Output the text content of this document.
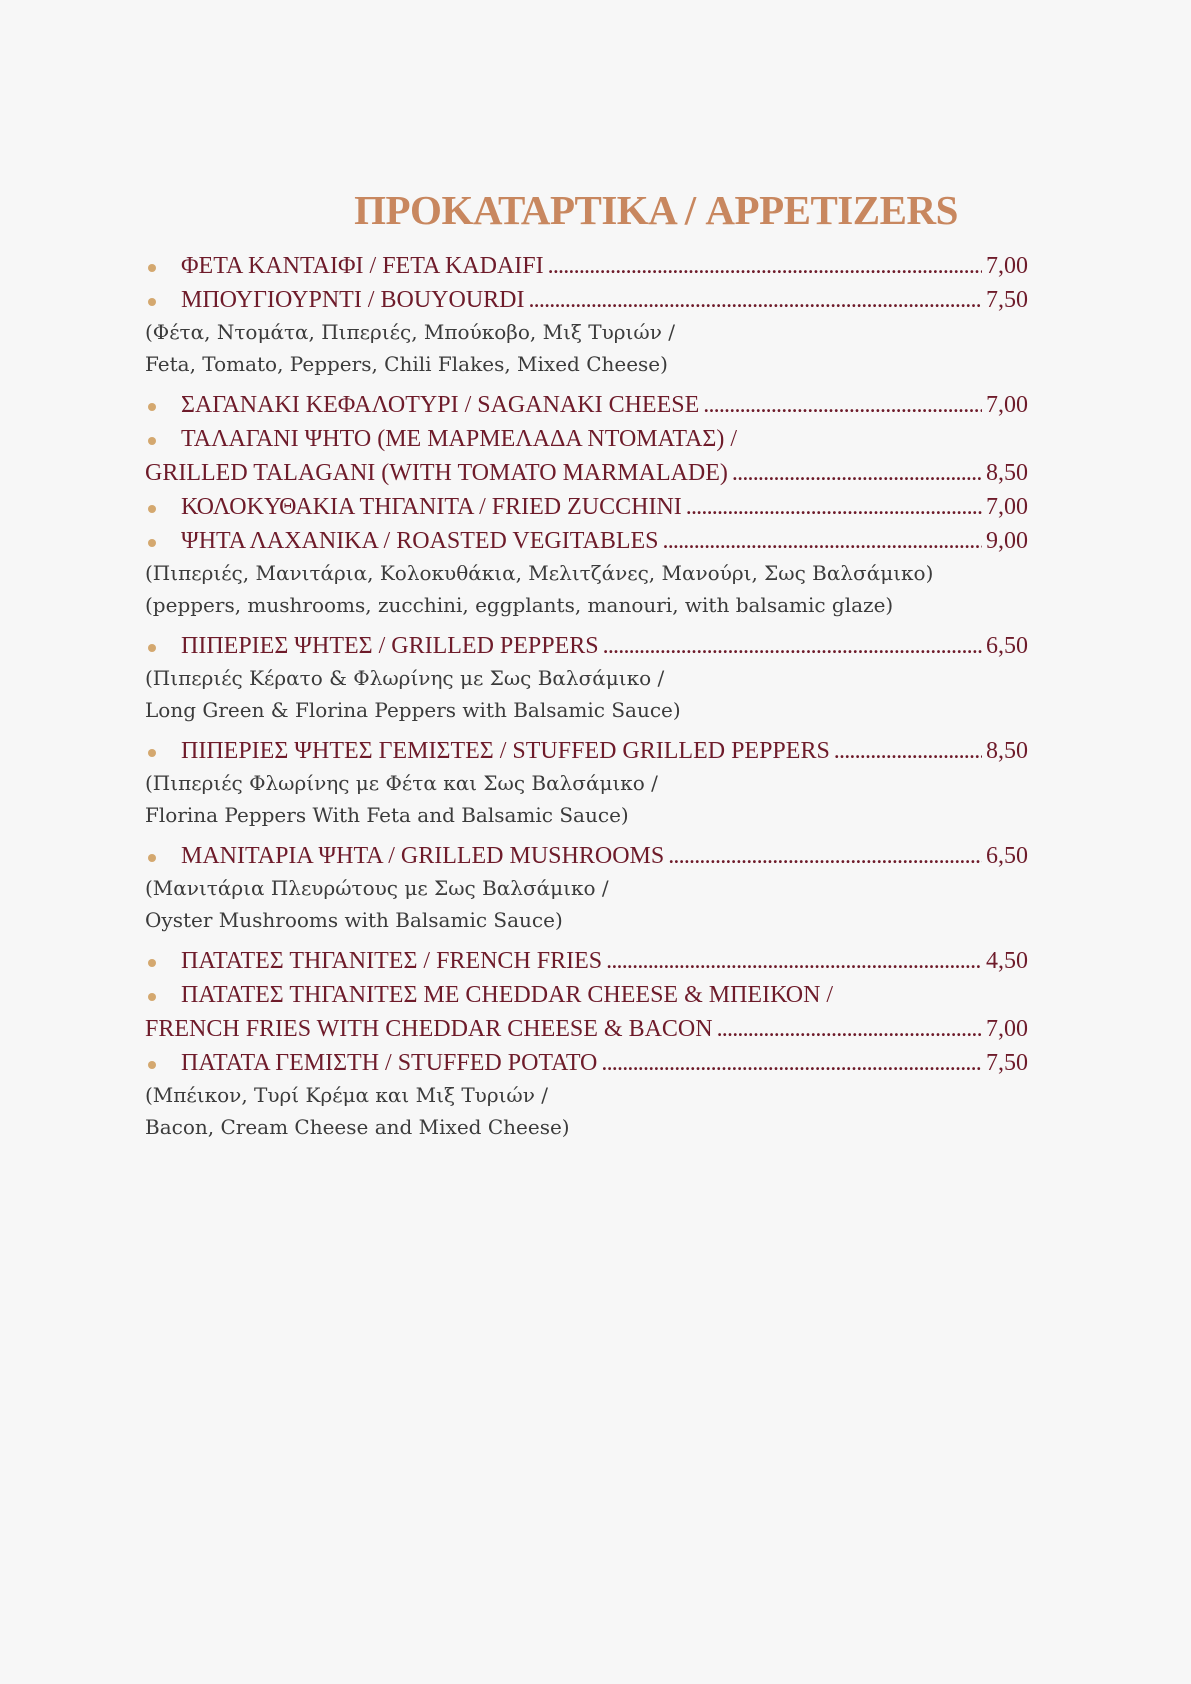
ΠΡΟΚΑΤΑΡΤΙΚΑ / APPETIZERS
ΦΕΤΑ ΚΑΝΤΑΙΦΙ / FETA KADAIFI . . .	7,00
ΜΠΟΥΓΙΟΥΡΝΤΙ / BOUYOURDI . . .	7,50
(Φέτα, Ντομάτα, Πιπεριές, Μπούκοβο, Μιξ Τυριών /
Feta, Tomato, Peppers, Chili Flakes, Mixed Cheese)
ΣΑΓΑΝΑΚΙ ΚΕΦΑΛΟΤΥΡΙ / SAGANAKI CHEESE . . .	7,00
ΤΑΛΑΓΑΝΙ ΨΗΤΟ (ΜΕ ΜΑΡΜΕΛΑΔΑ ΝΤΟΜΑΤΑΣ) /
GRILLED TALAGANI (WITH TOMATO MARMALADE) . . .	8,50
ΚΟΛΟΚΥΘΑΚΙΑ ΤΗΓΑΝΙΤΑ / FRIED ZUCCHINI . . .	7,00
ΨΗΤΑ ΛΑΧΑΝΙΚΑ / ROASTED VEGITABLES . . .	9,00
(Πιπεριές, Μανιτάρια, Κολοκυθάκια, Μελιτζάνες, Μανούρι, Σως Βαλσάμικο)
(peppers, mushrooms, zucchini, eggplants, manouri, with balsamic glaze)
ΠΙΠΕΡΙΕΣ ΨΗΤΕΣ / GRILLED PEPPERS . . .	6,50
(Πιπεριές Κέρατο & Φλωρίνης με Σως Βαλσάμικο /
Long Green & Florina Peppers with Balsamic Sauce)
ΠΙΠΕΡΙΕΣ ΨΗΤΕΣ ΓΕΜΙΣΤΕΣ / STUFFED GRILLED PEPPERS . . .	8,50
(Πιπεριές Φλωρίνης με Φέτα και Σως Βαλσάμικο /
Florina Peppers With Feta and Balsamic Sauce)
ΜΑΝΙΤΑΡΙΑ ΨΗΤΑ / GRILLED MUSHROOMS . . .	6,50
(Μανιτάρια Πλευρώτους με Σως Βαλσάμικο /
Oyster Mushrooms with Balsamic Sauce)
ΠΑΤΑΤΕΣ ΤΗΓΑΝΙΤΕΣ / FRENCH FRIES . . .	4,50
ΠΑΤΑΤΕΣ ΤΗΓΑΝΙΤΕΣ ΜΕ CHEDDAR CHEESE & ΜΠΕΙΚΟΝ /
FRENCH FRIES WITH CHEDDAR CHEESE & BACON . . .	7,00
ΠΑΤΑΤΑ ΓΕΜΙΣΤΗ / STUFFED POTATO . . .	7,50
(Μπέικον, Τυρί Κρέμα και Μιξ Τυριών /
Bacon, Cream Cheese and Mixed Cheese)
